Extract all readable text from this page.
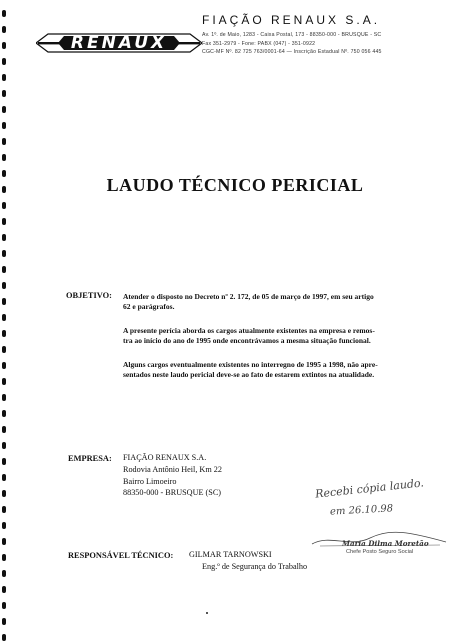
RENAUX
FIAÇÃO RENAUX S.A.
Av. 1º. de Maio, 1283 - Caixa Postal, 173 - 88350-000 - BRUSQUE - SC
Fax 351-2979 - Fone: PABX (047) - 351-0922
CGC-MF Nº. 82 725 763/0001-64 — Inscrição Estadual Nº. 750 056 445
LAUDO TÉCNICO PERICIAL
OBJETIVO: Atender o disposto no Decreto nº 2. 172, de 05 de março de 1997, em seu artigo
62 e parágrafos.
A presente perícia aborda os cargos atualmente existentes na empresa e remos-
tra ao início do ano de 1995 onde encontrávamos a mesma situação funcional.
Alguns cargos eventualmente existentes no interregno de 1995 a 1998, não apre-
sentados neste laudo pericial deve-se ao fato de estarem extintos na atualidade.
EMPRESA: FIAÇÃO RENAUX S.A.
Rodovia Antônio Heil, Km 22
Bairro Limoeiro
88350-000 - BRUSQUE (SC)	Recebi cópia laudo.
em 26.10.98
Maria Dilma Moretão
Chefe Posto Seguro Social
RESPONSÁVEL TÉCNICO: GILMAR TARNOWSKI
Eng.º de Segurança do Trabalho
